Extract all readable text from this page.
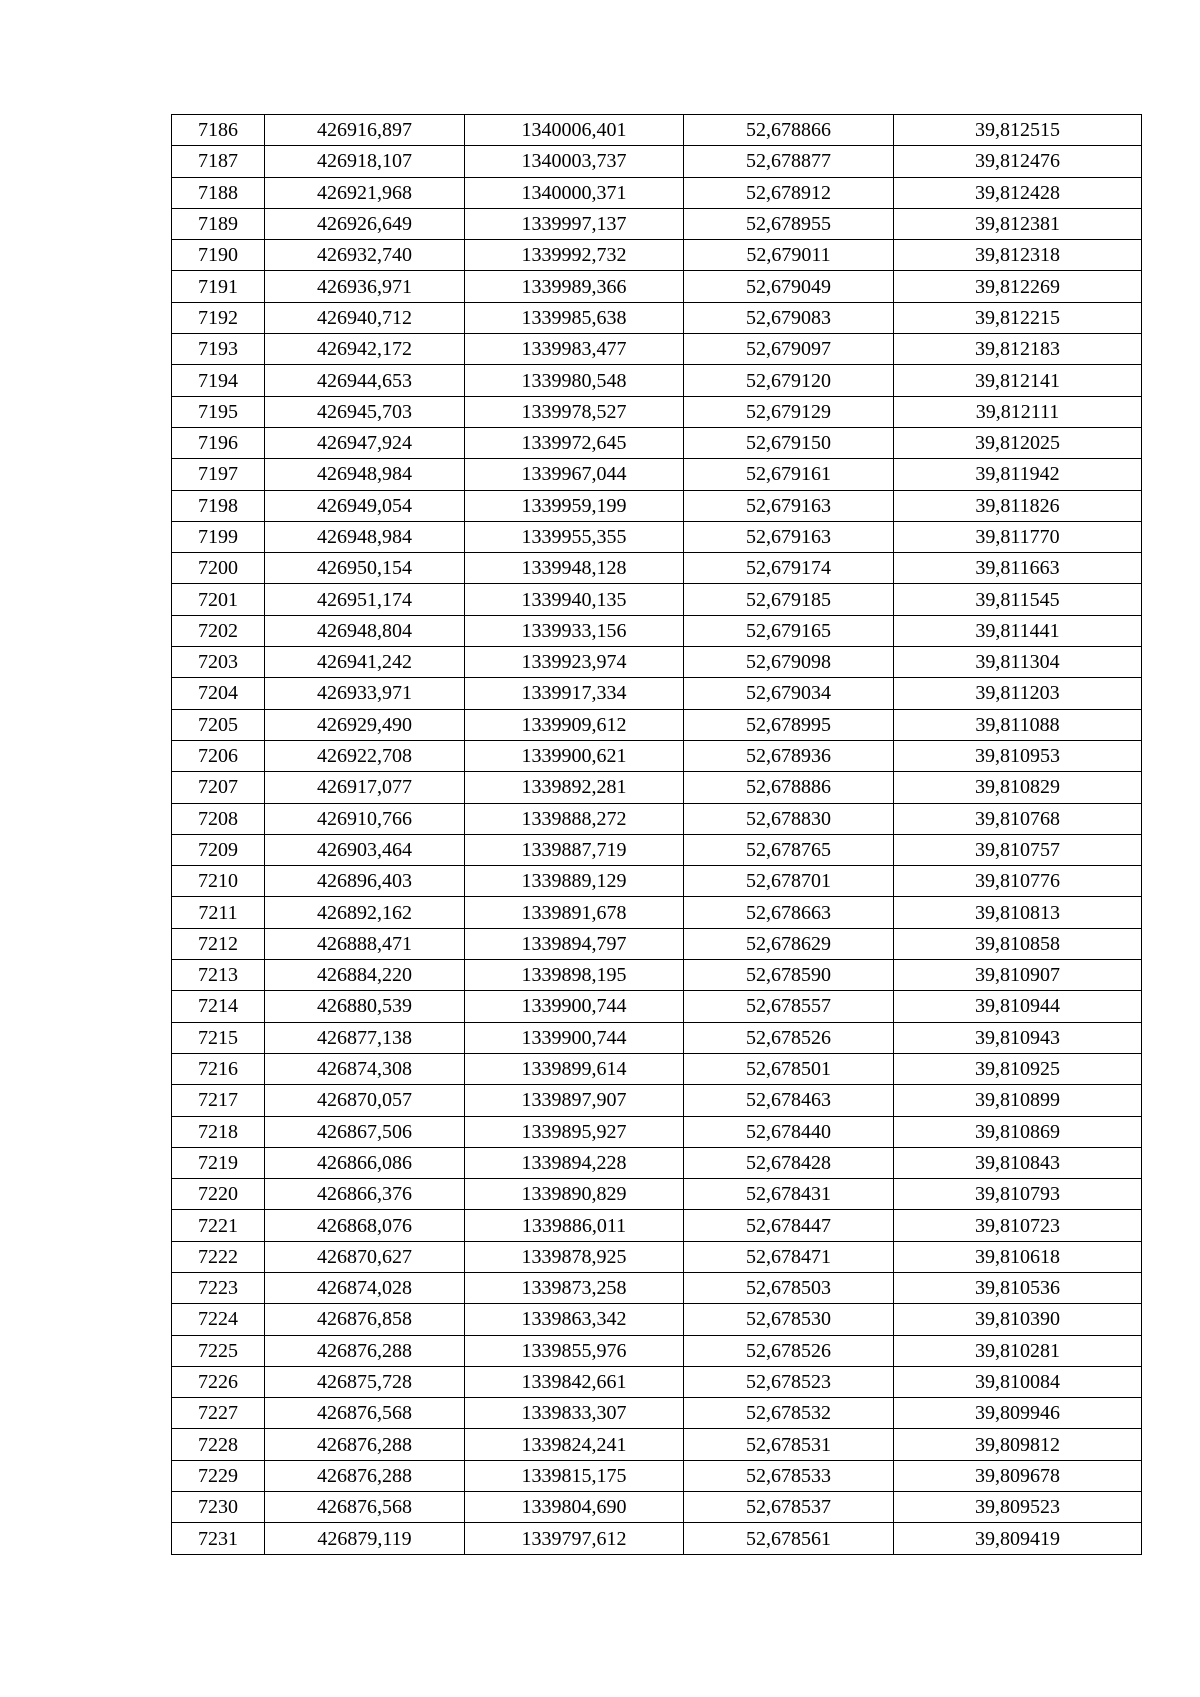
7186	426916,897	1340006,401	52,678866	39,812515
7187	426918,107	1340003,737	52,678877	39,812476
7188	426921,968	1340000,371	52,678912	39,812428
7189	426926,649	1339997,137	52,678955	39,812381
7190	426932,740	1339992,732	52,679011	39,812318
7191	426936,971	1339989,366	52,679049	39,812269
7192	426940,712	1339985,638	52,679083	39,812215
7193	426942,172	1339983,477	52,679097	39,812183
7194	426944,653	1339980,548	52,679120	39,812141
7195	426945,703	1339978,527	52,679129	39,812111
7196	426947,924	1339972,645	52,679150	39,812025
7197	426948,984	1339967,044	52,679161	39,811942
7198	426949,054	1339959,199	52,679163	39,811826
7199	426948,984	1339955,355	52,679163	39,811770
7200	426950,154	1339948,128	52,679174	39,811663
7201	426951,174	1339940,135	52,679185	39,811545
7202	426948,804	1339933,156	52,679165	39,811441
7203	426941,242	1339923,974	52,679098	39,811304
7204	426933,971	1339917,334	52,679034	39,811203
7205	426929,490	1339909,612	52,678995	39,811088
7206	426922,708	1339900,621	52,678936	39,810953
7207	426917,077	1339892,281	52,678886	39,810829
7208	426910,766	1339888,272	52,678830	39,810768
7209	426903,464	1339887,719	52,678765	39,810757
7210	426896,403	1339889,129	52,678701	39,810776
7211	426892,162	1339891,678	52,678663	39,810813
7212	426888,471	1339894,797	52,678629	39,810858
7213	426884,220	1339898,195	52,678590	39,810907
7214	426880,539	1339900,744	52,678557	39,810944
7215	426877,138	1339900,744	52,678526	39,810943
7216	426874,308	1339899,614	52,678501	39,810925
7217	426870,057	1339897,907	52,678463	39,810899
7218	426867,506	1339895,927	52,678440	39,810869
7219	426866,086	1339894,228	52,678428	39,810843
7220	426866,376	1339890,829	52,678431	39,810793
7221	426868,076	1339886,011	52,678447	39,810723
7222	426870,627	1339878,925	52,678471	39,810618
7223	426874,028	1339873,258	52,678503	39,810536
7224	426876,858	1339863,342	52,678530	39,810390
7225	426876,288	1339855,976	52,678526	39,810281
7226	426875,728	1339842,661	52,678523	39,810084
7227	426876,568	1339833,307	52,678532	39,809946
7228	426876,288	1339824,241	52,678531	39,809812
7229	426876,288	1339815,175	52,678533	39,809678
7230	426876,568	1339804,690	52,678537	39,809523
7231	426879,119	1339797,612	52,678561	39,809419
